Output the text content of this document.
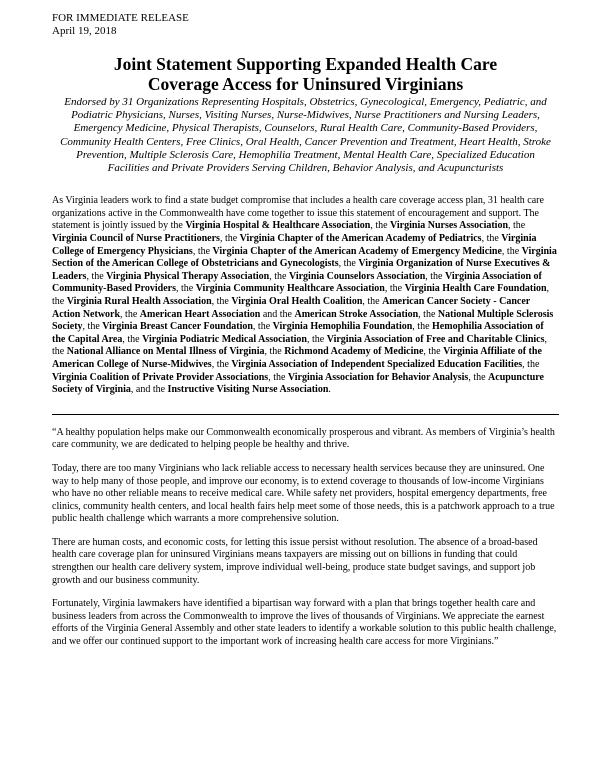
FOR IMMEDIATE RELEASE
April 19, 2018
Joint Statement Supporting Expanded Health Care
Coverage Access for Uninsured Virginians

Endorsed by 31 Organizations Representing Hospitals, Obstetrics, Gynecological, Emergency, Pediatric, and Podiatric Physicians, Nurses, Visiting Nurses, Nurse-Midwives, Nurse Practitioners and Nursing Leaders, Emergency Medicine, Physical Therapists, Counselors, Rural Health Care, Community-Based Providers, Community Health Centers, Free Clinics, Oral Health, Cancer Prevention and Treatment, Heart Health, Stroke Prevention, Multiple Sclerosis Care, Hemophilia Treatment, Mental Health Care, Specialized Education Facilities and Private Providers Serving Children, Behavior Analysis, and Acupuncturists

As Virginia leaders work to find a state budget compromise that includes a health care coverage access plan, 31 health care organizations active in the Commonwealth have come together to issue this statement of encouragement and support. The statement is jointly issued by the Virginia Hospital & Healthcare Association, the Virginia Nurses Association, the Virginia Council of Nurse Practitioners, the Virginia Chapter of the American Academy of Pediatrics, the Virginia College of Emergency Physicians, the Virginia Chapter of the American Academy of Emergency Medicine, the Virginia Section of the American College of Obstetricians and Gynecologists, the Virginia Organization of Nurse Executives & Leaders, the Virginia Physical Therapy Association, the Virginia Counselors Association, the Virginia Association of Community-Based Providers, the Virginia Community Healthcare Association, the Virginia Health Care Foundation, the Virginia Rural Health Association, the Virginia Oral Health Coalition, the American Cancer Society - Cancer Action Network, the American Heart Association and the American Stroke Association, the National Multiple Sclerosis Society, the Virginia Breast Cancer Foundation, the Virginia Hemophilia Foundation, the Hemophilia Association of the Capital Area, the Virginia Podiatric Medical Association, the Virginia Association of Free and Charitable Clinics, the National Alliance on Mental Illness of Virginia, the Richmond Academy of Medicine, the Virginia Affiliate of the American College of Nurse-Midwives, the Virginia Association of Independent Specialized Education Facilities, the Virginia Coalition of Private Provider Associations, the Virginia Association for Behavior Analysis, the Acupuncture Society of Virginia, and the Instructive Visiting Nurse Association.

“A healthy population helps make our Commonwealth economically prosperous and vibrant. As members of Virginia’s health care community, we are dedicated to helping people be healthy and thrive.

Today, there are too many Virginians who lack reliable access to necessary health services because they are uninsured. One way to help many of those people, and improve our economy, is to extend coverage to thousands of low-income Virginians who have no other reliable means to receive medical care. While safety net providers, hospital emergency departments, free clinics, community health centers, and local health fairs help meet some of those needs, this is a patchwork approach to a true public health challenge which warrants a more comprehensive solution.

There are human costs, and economic costs, for letting this issue persist without resolution. The absence of a broad-based health care coverage plan for uninsured Virginians means taxpayers are missing out on billions in funding that could strengthen our health care delivery system, improve individual well-being, produce state budget savings, and support job growth and our business community.

Fortunately, Virginia lawmakers have identified a bipartisan way forward with a plan that brings together health care and business leaders from across the Commonwealth to improve the lives of thousands of Virginians. We appreciate the earnest efforts of the Virginia General Assembly and other state leaders to identify a workable solution to this public health challenge, and we offer our continued support to the important work of increasing health care access for more Virginians.”
